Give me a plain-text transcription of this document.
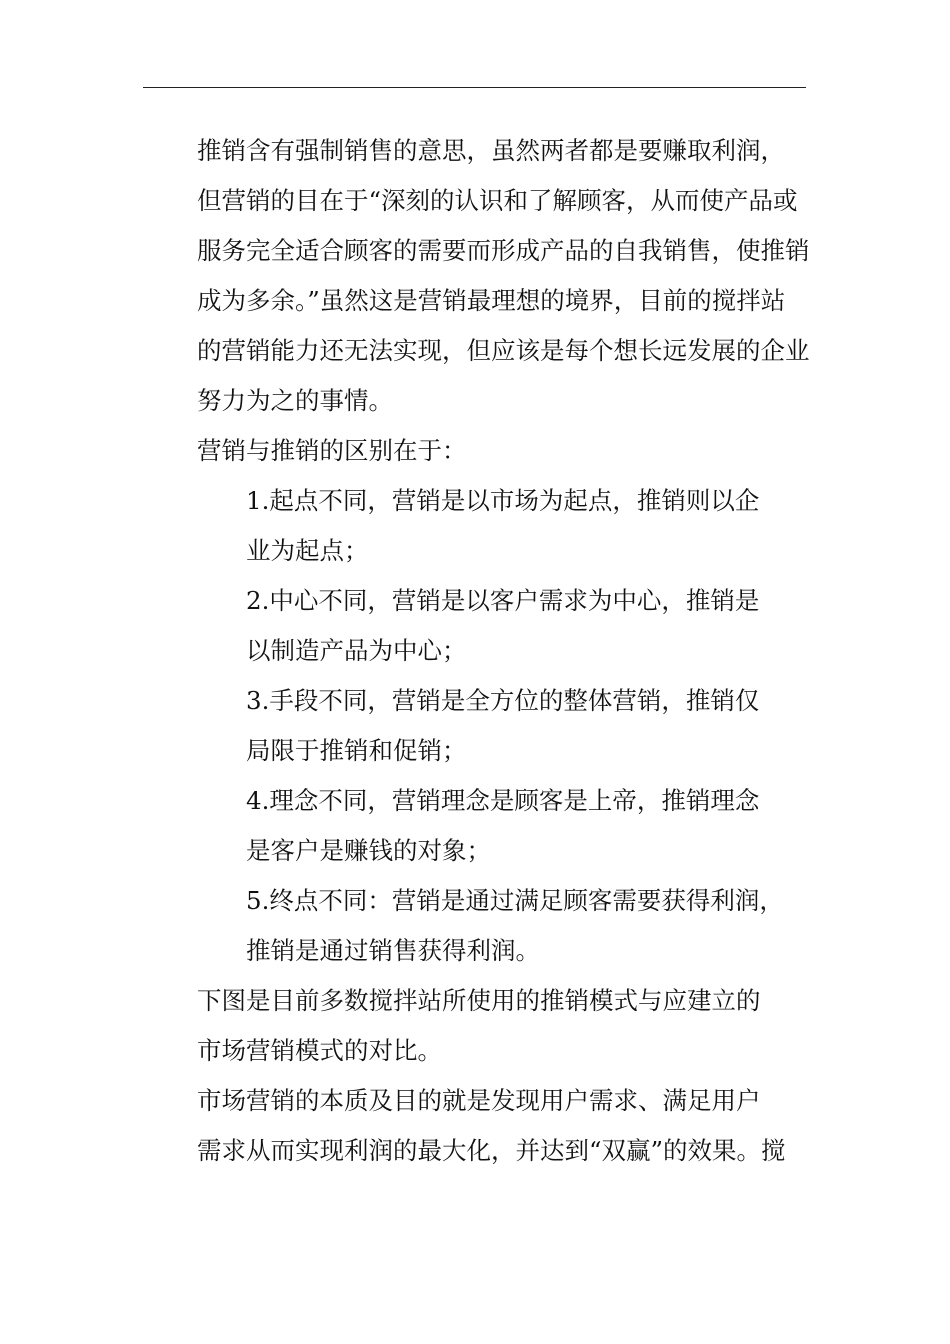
推销含有强制销售的意思，虽然两者都是要赚取利润，
但营销的目在于“深刻的认识和了解顾客，从而使产品或
服务完全适合顾客的需要而形成产品的自我销售，使推销
成为多余。”虽然这是营销最理想的境界，目前的搅拌站
的营销能力还无法实现，但应该是每个想长远发展的企业
努力为之的事情。

营销与推销的区别在于：

1.起点不同，营销是以市场为起点，推销则以企
业为起点；

2.中心不同，营销是以客户需求为中心，推销是
以制造产品为中心；

3.手段不同，营销是全方位的整体营销，推销仅
局限于推销和促销；

4.理念不同，营销理念是顾客是上帝，推销理念
是客户是赚钱的对象；

5.终点不同：营销是通过满足顾客需要获得利润，
推销是通过销售获得利润。

下图是目前多数搅拌站所使用的推销模式与应建立的
市场营销模式的对比。

市场营销的本质及目的就是发现用户需求、满足用户
需求从而实现利润的最大化，并达到“双赢”的效果。搅
